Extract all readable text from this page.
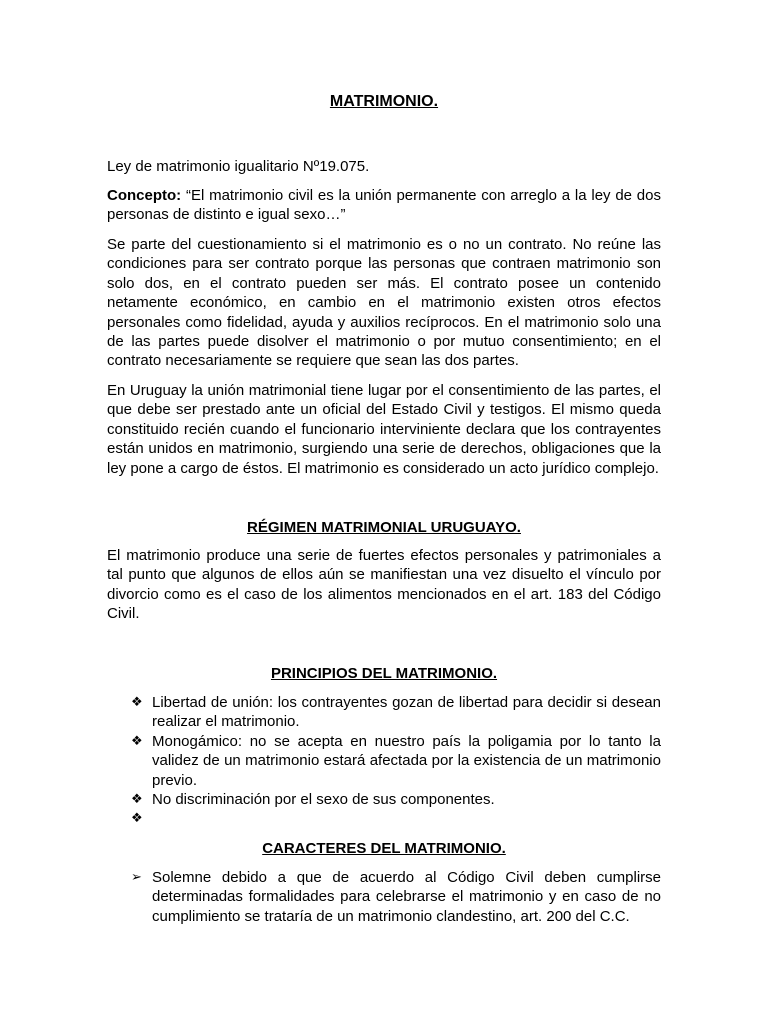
MATRIMONIO.

Ley de matrimonio igualitario Nº19.075.

Concepto: “El matrimonio civil es la unión permanente con arreglo a la ley de dos personas de distinto e igual sexo…”

Se parte del cuestionamiento si el matrimonio es o no un contrato. No reúne las condiciones para ser contrato porque las personas que contraen matrimonio son solo dos, en el contrato pueden ser más. El contrato posee un contenido netamente económico, en cambio en el matrimonio existen otros efectos personales como fidelidad, ayuda y auxilios recíprocos. En el matrimonio solo una de las partes puede disolver el matrimonio o por mutuo consentimiento; en el contrato necesariamente se requiere que sean las dos partes.

En Uruguay la unión matrimonial tiene lugar por el consentimiento de las partes, el que debe ser prestado ante un oficial del Estado Civil y testigos. El mismo queda constituido recién cuando el funcionario interviniente declara que los contrayentes están unidos en matrimonio, surgiendo una serie de derechos, obligaciones que la ley pone a cargo de éstos. El matrimonio es considerado un acto jurídico complejo.

RÉGIMEN MATRIMONIAL URUGUAYO.

El matrimonio produce una serie de fuertes efectos personales y patrimoniales a tal punto que algunos de ellos aún se manifiestan una vez disuelto el vínculo por divorcio como es el caso de los alimentos mencionados en el art. 183 del Código Civil.

PRINCIPIOS DEL MATRIMONIO.
❖ Libertad de unión: los contrayentes gozan de libertad para decidir si desean realizar el matrimonio.
❖ Monogámico: no se acepta en nuestro país la poligamia por lo tanto la validez de un matrimonio estará afectada por la existencia de un matrimonio previo.
❖ No discriminación por el sexo de sus componentes.
❖
CARACTERES DEL MATRIMONIO.
➢ Solemne debido a que de acuerdo al Código Civil deben cumplirse determinadas formalidades para celebrarse el matrimonio y en caso de no cumplimiento se trataría de un matrimonio clandestino, art. 200 del C.C.
